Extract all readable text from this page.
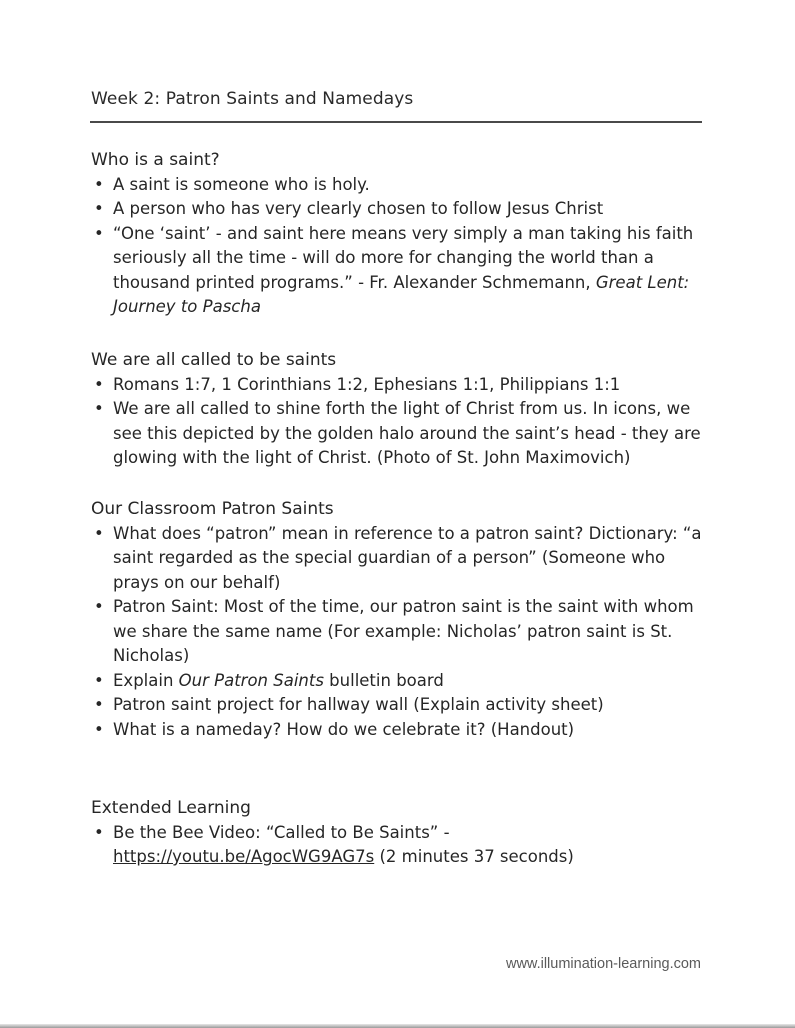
Week 2: Patron Saints and Namedays
Who is a saint?
• A saint is someone who is holy.
• A person who has very clearly chosen to follow Jesus Christ
• “One ‘saint’ - and saint here means very simply a man taking his faith seriously all the time - will do more for changing the world than a thousand printed programs.” - Fr. Alexander Schmemann, Great Lent: Journey to Pascha
We are all called to be saints
• Romans 1:7, 1 Corinthians 1:2, Ephesians 1:1, Philippians 1:1
• We are all called to shine forth the light of Christ from us. In icons, we see this depicted by the golden halo around the saint’s head - they are glowing with the light of Christ. (Photo of St. John Maximovich)
Our Classroom Patron Saints
• What does “patron” mean in reference to a patron saint? Dictionary: “a saint regarded as the special guardian of a person” (Someone who prays on our behalf)
• Patron Saint: Most of the time, our patron saint is the saint with whom we share the same name (For example: Nicholas’ patron saint is St. Nicholas)
• Explain Our Patron Saints bulletin board
• Patron saint project for hallway wall (Explain activity sheet)
• What is a nameday? How do we celebrate it? (Handout)
Extended Learning
• Be the Bee Video: “Called to Be Saints” - https://youtu.be/AgocWG9AG7s (2 minutes 37 seconds)
www.illumination-learning.com
